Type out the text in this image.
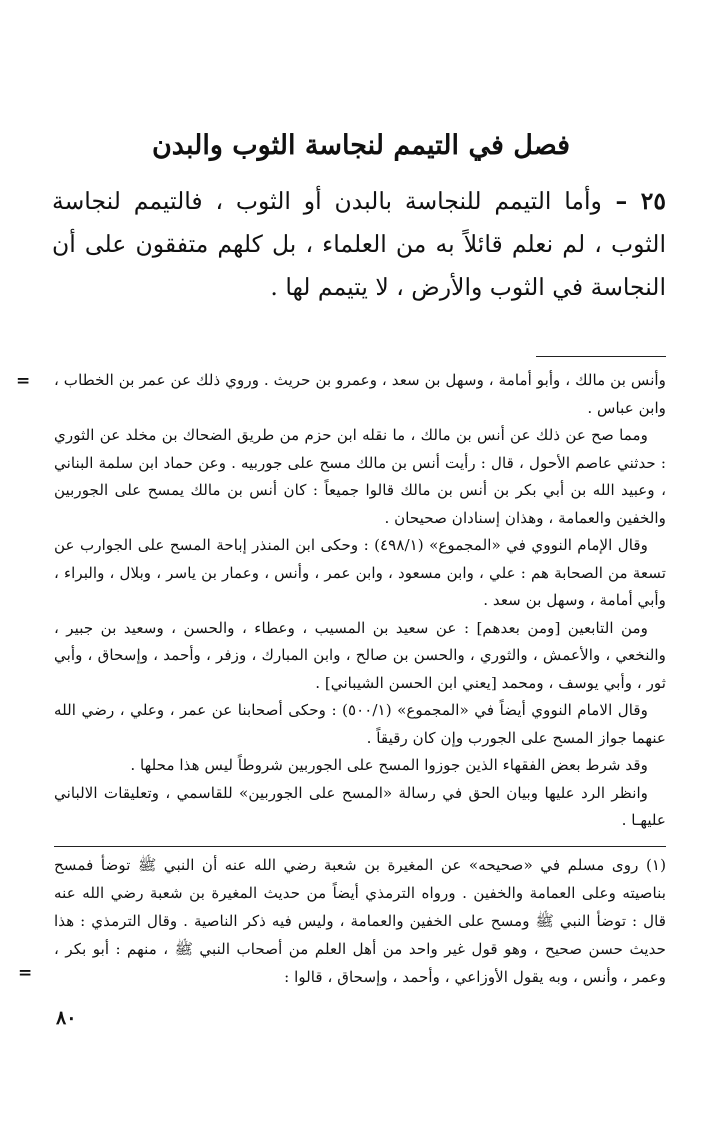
فصل في التيمم لنجاسة الثوب والبدن
٢٥ – وأما التيمم للنجاسة بالبدن أو الثوب ، فالتيمم لنجاسة الثوب ، لم نعلم قائلاً به من العلماء ، بل كلهم متفقون على أن النجاسة في الثوب والأرض ، لا يتيمم لها .
= وأنس بن مالك ، وأبو أمامة ، وسهل بن سعد ، وعمرو بن حريث . وروي ذلك عن عمر بن الخطاب ، وابن عباس .

ومما صح عن ذلك عن أنس بن مالك ، ما نقله ابن حزم من طريق الضحاك بن مخلد عن الثوري : حدثني عاصم الأحول ، قال : رأيت أنس بن مالك مسح على جوربيه . وعن حماد ابن سلمة البناني ، وعبيد الله بن أبي بكر بن أنس بن مالك قالوا جميعاً : كان أنس بن مالك يمسح على الجوربين والخفين والعمامة ، وهذان إسنادان صحيحان .

وقال الإمام النووي في «المجموع» (٤٩٨/١) : وحكى ابن المنذر إباحة المسح على الجوارب عن تسعة من الصحابة هم : علي ، وابن مسعود ، وابن عمر ، وأنس ، وعمار بن ياسر ، وبلال ، والبراء ، وأبي أمامة ، وسهل بن سعد .

ومن التابعين [ومن بعدهم] : عن سعيد بن المسيب ، وعطاء ، والحسن ، وسعيد بن جبير ، والنخعي ، والأعمش ، والثوري ، والحسن بن صالح ، وابن المبارك ، وزفر ، وأحمد ، وإسحاق ، وأبي ثور ، وأبي يوسف ، ومحمد [يعني ابن الحسن الشيباني] .

وقال الامام النووي أيضاً في «المجموع» (٥٠٠/١) : وحكى أصحابنا عن عمر ، وعلي ، رضي الله عنهما جواز المسح على الجورب وإن كان رقيقاً .

وقد شرط بعض الفقهاء الذين جوزوا المسح على الجوربين شروطاً ليس هذا محلها .

وانظر الرد عليها وبيان الحق في رسالة «المسح على الجوربين» للقاسمي ، وتعليقات الالباني عليهـا .

(١) روى مسلم في «صحيحه» عن المغيرة بن شعبة رضي الله عنه أن النبي ﷺ توضأ فمسح بناصيته وعلى العمامة والخفين . ورواه الترمذي أيضاً من حديث المغيرة بن شعبة رضي الله عنه قال : توضأ النبي ﷺ ومسح على الخفين والعمامة ، وليس فيه ذكر الناصية . وقال الترمذي : هذا حديث حسن صحيح ، وهو قول غير واحد من أهل العلم من أصحاب النبي ﷺ ، منهم : أبو بكر ، وعمر ، وأنس ، وبه يقول الأوزاعي ، وأحمد ، وإسحاق ، قالوا :
=
٨٠
